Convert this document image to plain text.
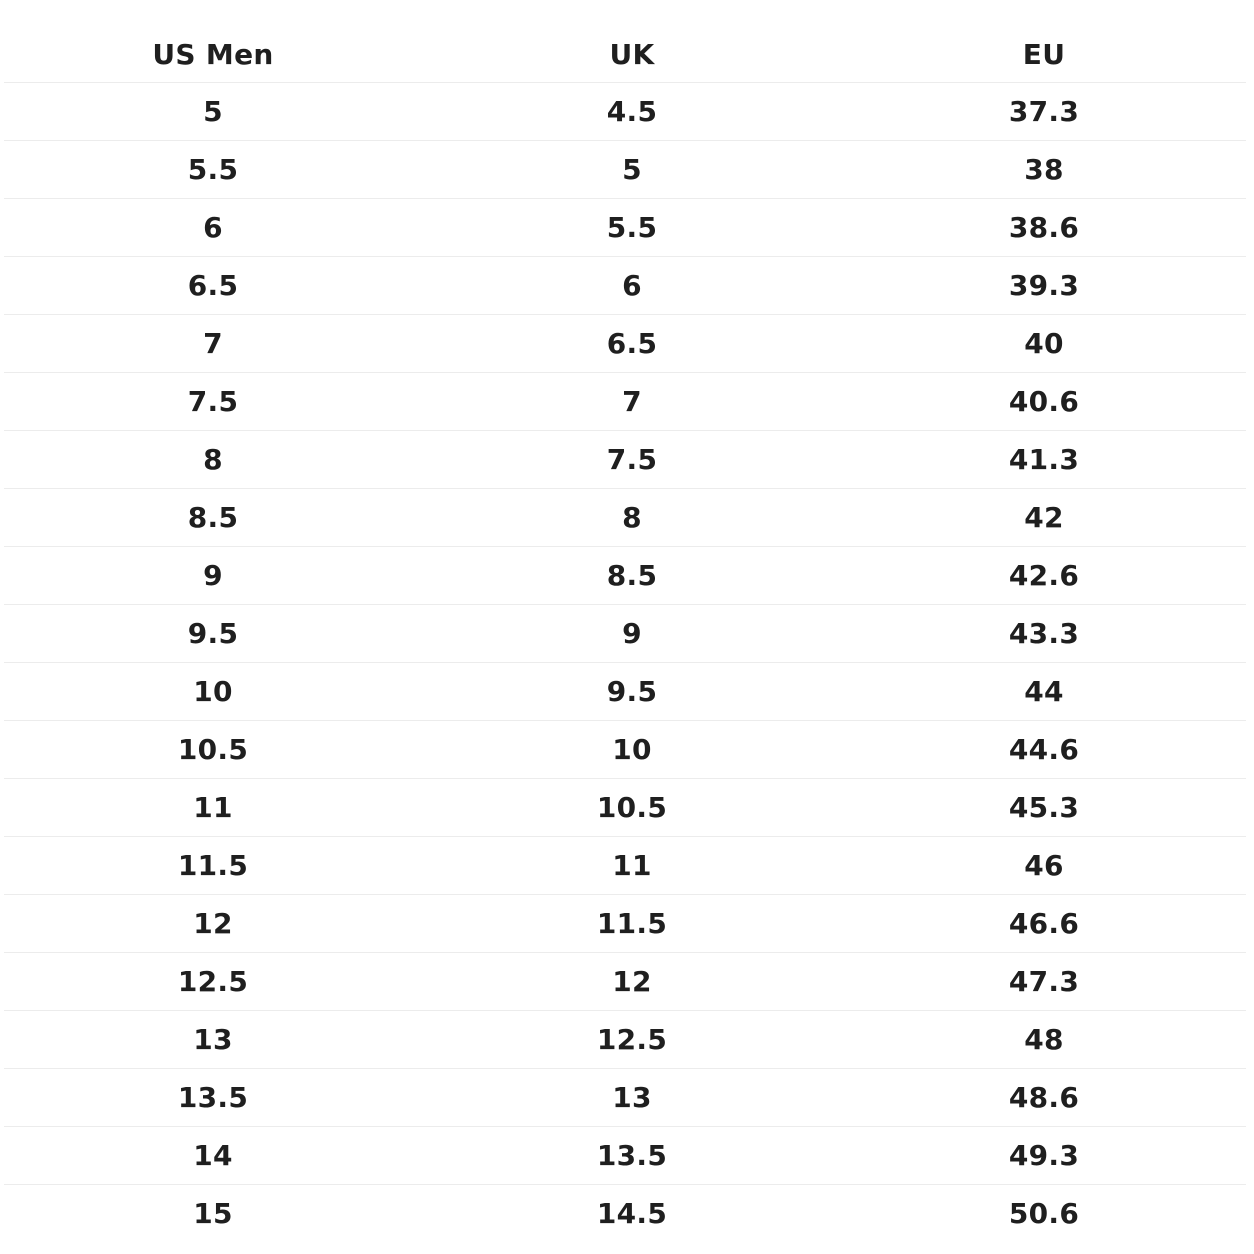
US Men	UK	EU
5	4.5	37.3
5.5	5	38
6	5.5	38.6
6.5	6	39.3
7	6.5	40
7.5	7	40.6
8	7.5	41.3
8.5	8	42
9	8.5	42.6
9.5	9	43.3
10	9.5	44
10.5	10	44.6
11	10.5	45.3
11.5	11	46
12	11.5	46.6
12.5	12	47.3
13	12.5	48
13.5	13	48.6
14	13.5	49.3
15	14.5	50.6
